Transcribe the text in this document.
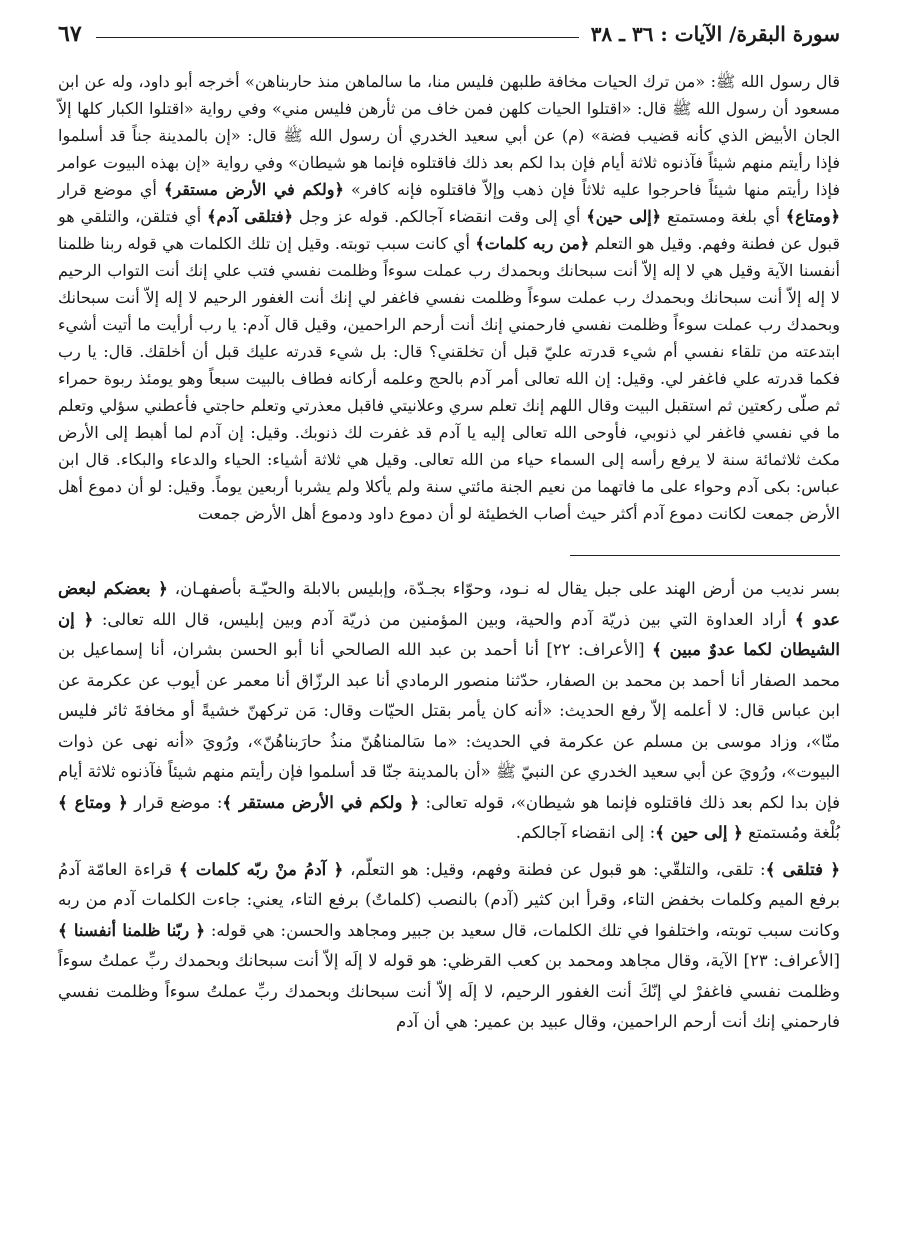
سورة البقرة/ الآيات : ٣٦ ـ ٣٨
٦٧

قال رسول الله ﷺ: «من ترك الحيات مخافة طلبهن فليس منا، ما سالماهن منذ حاربناهن» أخرجه أبو داود، وله عن ابن مسعود أن رسول الله ﷺ قال: «اقتلوا الحيات كلهن فمن خاف من ثأرهن فليس مني» وفي رواية «اقتلوا الكبار كلها إلاّ الجان الأبيض الذي كأنه قضيب فضة» (م) عن أبي سعيد الخدري أن رسول الله ﷺ قال: «إن بالمدينة جناً قد أسلموا فإذا رأيتم منهم شيئاً فآذنوه ثلاثة أيام فإن بدا لكم بعد ذلك فاقتلوه فإنما هو شيطان» وفي رواية «إن بهذه البيوت عوامر فإذا رأيتم منها شيئاً فاحرجوا عليه ثلاثاً فإن ذهب وإلاّ فاقتلوه فإنه كافر» ﴿ولكم في الأرض مستقر﴾ أي موضع قرار ﴿ومتاع﴾ أي بلغة ومستمتع ﴿إلى حين﴾ أي إلى وقت انقضاء آجالكم. قوله عز وجل ﴿فتلقى آدم﴾ أي فتلقن، والتلقي هو قبول عن فطنة وفهم. وقيل هو التعلم ﴿من ربه كلمات﴾ أي كانت سبب توبته. وقيل إن تلك الكلمات هي قوله ربنا ظلمنا أنفسنا الآية وقيل هي لا إله إلاّ أنت سبحانك وبحمدك رب عملت سوءاً وظلمت نفسي فتب علي إنك أنت التواب الرحيم لا إله إلاّ أنت سبحانك وبحمدك رب عملت سوءاً وظلمت نفسي فاغفر لي إنك أنت الغفور الرحيم لا إله إلاّ أنت سبحانك وبحمدك رب عملت سوءاً وظلمت نفسي فارحمني إنك أنت أرحم الراحمين، وقيل قال آدم: يا رب أرأيت ما أتيت أشيء ابتدعته من تلقاء نفسي أم شيء قدرته عليّ قبل أن تخلقني؟ قال: بل شيء قدرته عليك قبل أن أخلقك. قال: يا رب فكما قدرته علي فاغفر لي. وقيل: إن الله تعالى أمر آدم بالحج وعلمه أركانه فطاف بالبيت سبعاً وهو يومئذ ربوة حمراء ثم صلّى ركعتين ثم استقبل البيت وقال اللهم إنك تعلم سري وعلانيتي فاقبل معذرتي وتعلم حاجتي فأعطني سؤلي وتعلم ما في نفسي فاغفر لي ذنوبي، فأوحى الله تعالى إليه يا آدم قد غفرت لك ذنوبك. وقيل: إن آدم لما أهبط إلى الأرض مكث ثلاثمائة سنة لا يرفع رأسه إلى السماء حياء من الله تعالى. وقيل هي ثلاثة أشياء: الحياء والدعاء والبكاء. قال ابن عباس: بكى آدم وحواء على ما فاتهما من نعيم الجنة مائتي سنة ولم يأكلا ولم يشربا أربعين يوماً. وقيل: لو أن دموع أهل الأرض جمعت لكانت دموع آدم أكثر حيث أصاب الخطيئة لو أن دموع داود ودموع أهل الأرض جمعت

بسر نديب من أرض الهند على جبل يقال له نـود، وحوّاء بجـدّة، وإبليس بالابلة والحيّـة بأصفهـان، ﴿ بعضكم لبعض عدو ﴾ أراد العداوة التي بين ذريّة آدم والحية، وبين المؤمنين من ذريّة آدم وبين إبليس، قال الله تعالى: ﴿ إن الشيطان لكما عدوٌ مبين ﴾ [الأعراف: ٢٢] أنا أحمد بن عبد الله الصالحي أنا أبو الحسن بشران، أنا إسماعيل بن محمد الصفار أنا أحمد بن محمد بن الصفار، حدّثنا منصور الرمادي أنا عبد الرزّاق أنا معمر عن أيوب عن عكرمة عن ابن عباس قال: لا أعلمه إلاّ رفع الحديث: «أنه كان يأمر بقتل الحيّات وقال: مَن تركهنّ خشيةً أو مخافةَ ثائر فليس منّا»، وزاد موسى بن مسلم عن عكرمة في الحديث: «ما سَالمناهُنّ منذُ حارَبناهُنّ»، ورُويَ «أنه نهى عن ذوات البيوت»، ورُويَ عن أبي سعيد الخدري عن النبيّ ﷺ «أن بالمدينة جنّا قد أسلموا فإن رأيتم منهم شيئاً فآذنوه ثلاثة أيام فإن بدا لكم بعد ذلك فاقتلوه فإنما هو شيطان»، قوله تعالى: ﴿ ولكم في الأرض مستقر ﴾: موضع قرار ﴿ ومتاع ﴾ بُلْغة ومُستمتع ﴿ إلى حين ﴾: إلى انقضاء آجالكم.

﴿ فتلقى ﴾: تلقى، والتلقّي: هو قبول عن فطنة وفهم، وقيل: هو التعلّم، ﴿ آدمُ منْ ربّه كلمات ﴾ قراءة العامّة آدمُ برفع الميم وكلمات بخفض التاء، وقرأ ابن كثير (آدم) بالنصب (كلماتٌ) برفع التاء، يعني: جاءت الكلمات آدم من ربه وكانت سبب توبته، واختلفوا في تلك الكلمات، قال سعيد بن جبير ومجاهد والحسن: هي قوله: ﴿ ربّنا ظلمنا أنفسنا ﴾ [الأعراف: ٢٣] الآية، وقال مجاهد ومحمد بن كعب القرظي: هو قوله لا إلَه إلاّ أنت سبحانك وبحمدك ربِّ عملتُ سوءاً وظلمت نفسي فاغفرْ لي إنّكَ أنت الغفور الرحيم، لا إلَه إلاّ أنت سبحانك وبحمدك ربِّ عملتُ سوءاً وظلمت نفسي فارحمني إنك أنت أرحم الراحمين، وقال عبيد بن عمير: هي أن آدم
